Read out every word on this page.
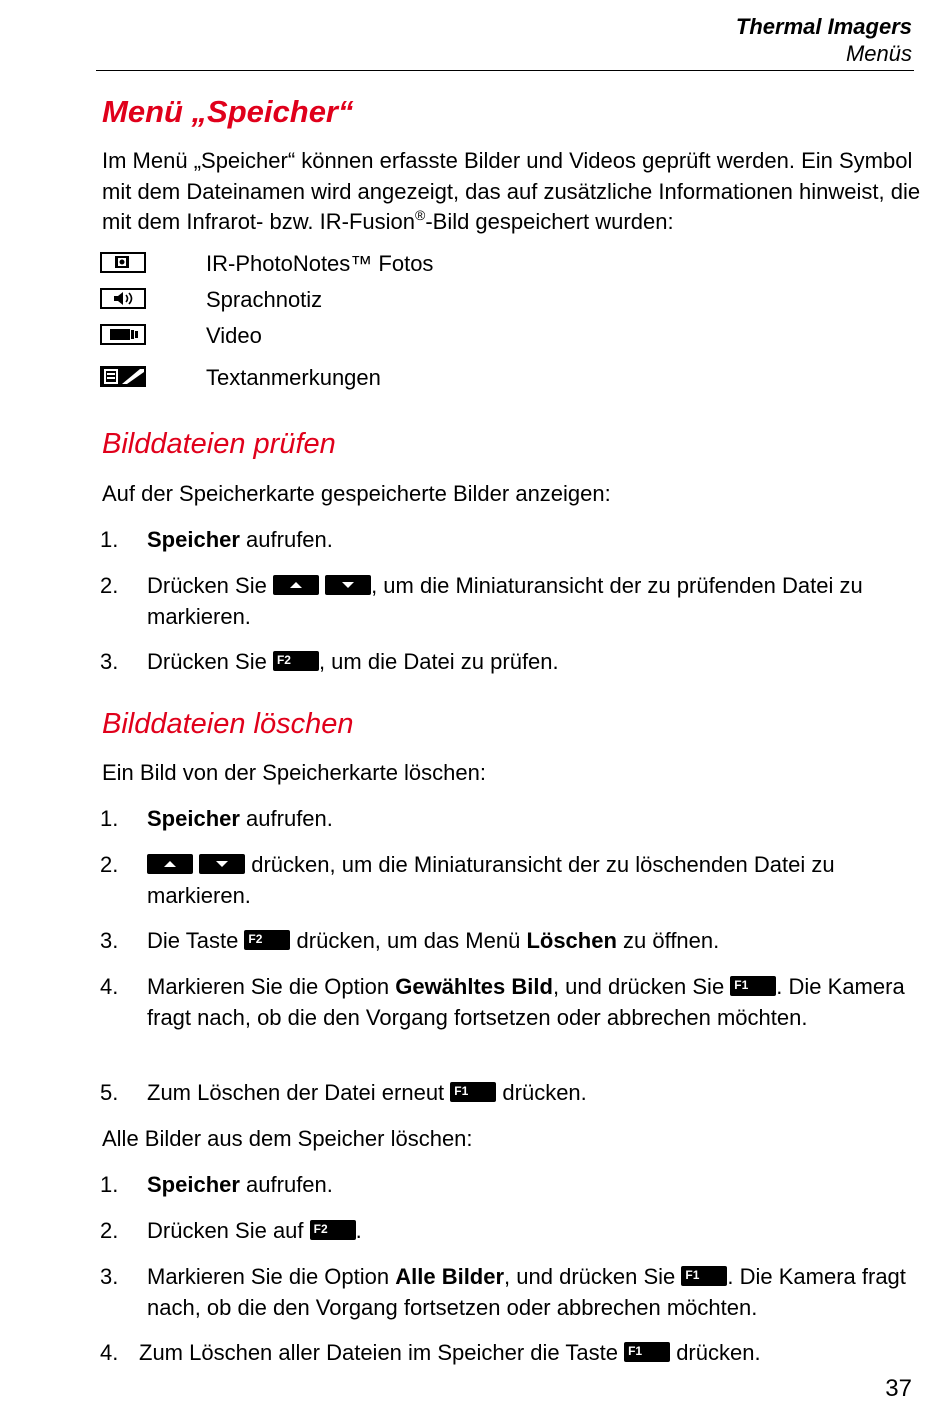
Thermal Imagers
Menüs
Menü „Speicher“
Im Menü „Speicher“ können erfasste Bilder und Videos geprüft werden. Ein Symbol mit dem Dateinamen wird angezeigt, das auf zusätzliche Informationen hinweist, die mit dem Infrarot- bzw. IR-Fusion®-Bild gespeichert wurden:
IR-PhotoNotes™ Fotos
Sprachnotiz
Video
Textanmerkungen
Bilddateien prüfen
Auf der Speicherkarte gespeicherte Bilder anzeigen:
1. Speicher aufrufen.
2. Drücken Sie
	, um die Miniaturansicht der zu prüfenden Datei zu markieren.
3. Drücken Sie F2 , um die Datei zu prüfen.
Bilddateien löschen
Ein Bild von der Speicherkarte löschen:
1. Speicher aufrufen.
2.
	drücken, um die Miniaturansicht der zu löschenden Datei zu markieren.
3. Die Taste F2 drücken, um das Menü Löschen zu öffnen.
4. Markieren Sie die Option Gewähltes Bild, und drücken Sie F1 . Die Kamera fragt nach, ob die den Vorgang fortsetzen oder abbrechen möchten.
5. Zum Löschen der Datei erneut F1 drücken.
Alle Bilder aus dem Speicher löschen:
1. Speicher aufrufen.
2. Drücken Sie auf F2 .
3. Markieren Sie die Option Alle Bilder, und drücken Sie F1 . Die Kamera fragt nach, ob die den Vorgang fortsetzen oder abbrechen möchten.
4. Zum Löschen aller Dateien im Speicher die Taste F1 drücken.
37
